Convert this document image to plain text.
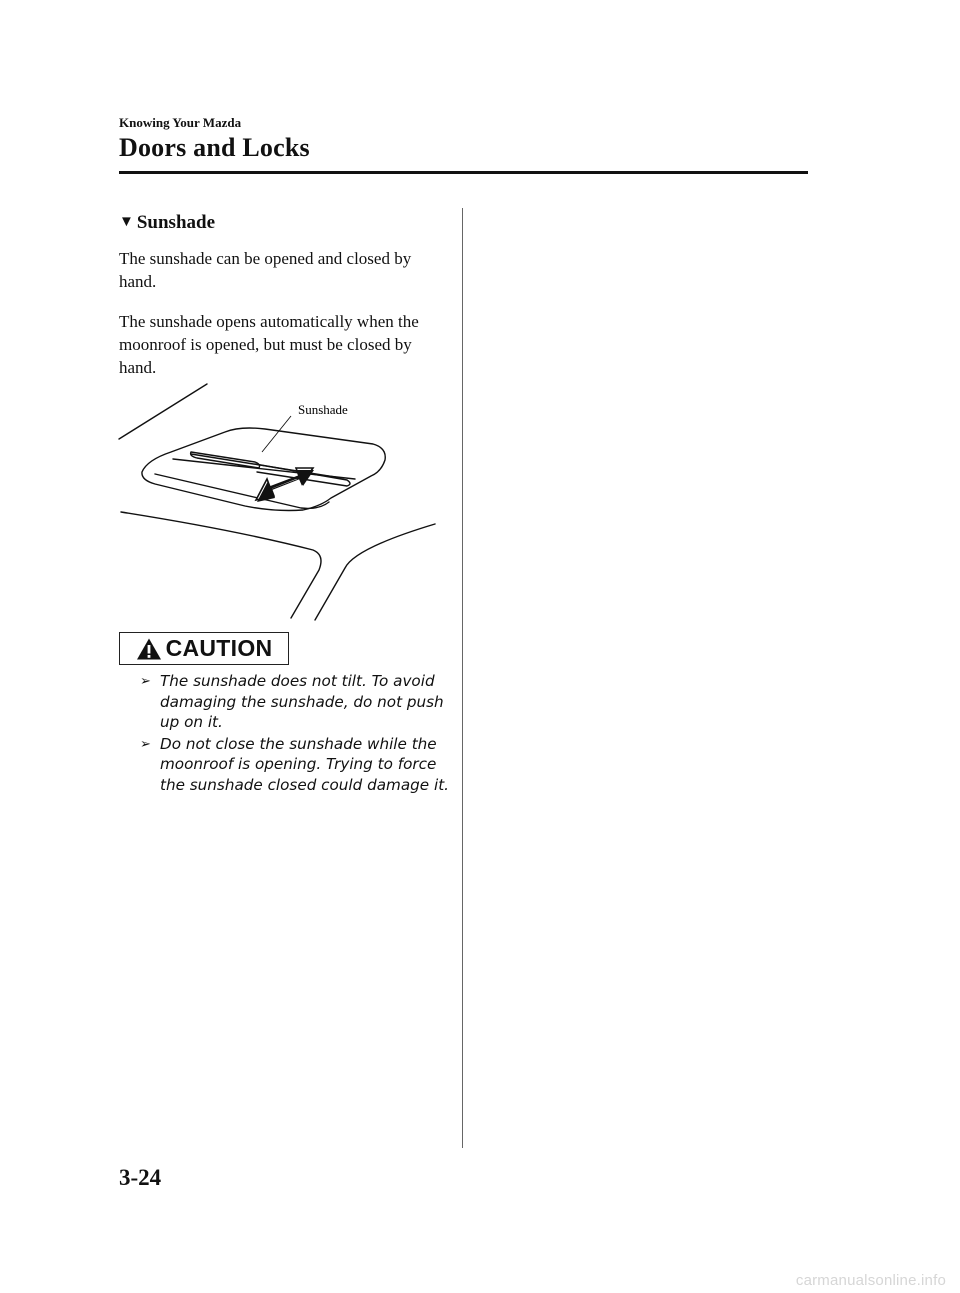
Knowing Your Mazda
Doors and Locks
▼ Sunshade
The sunshade can be opened and closed by hand.
The sunshade opens automatically when the moonroof is opened, but must be closed by hand.
Sunshade
CAUTION
➢ The sunshade does not tilt. To avoid damaging the sunshade, do not push up on it.
➢ Do not close the sunshade while the moonroof is opening. Trying to force the sunshade closed could damage it.
3-24
carmanualsonline.info
